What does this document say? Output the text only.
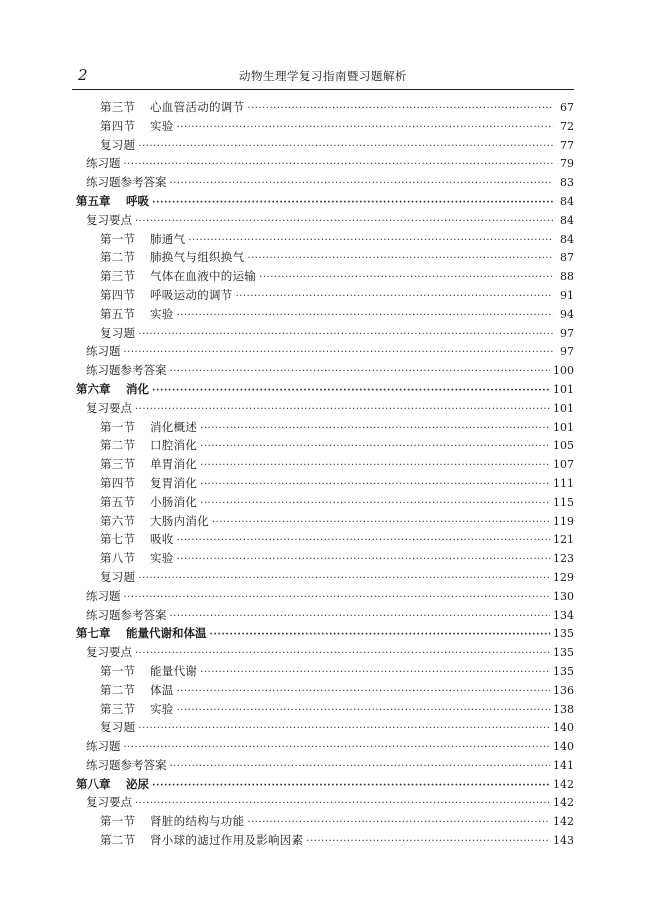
2	动物生理学复习指南暨习题解析
第三节 心血管活动的调节 ·····	67
第四节 实验 ·····	72
复习题 ·····	77
练习题 ·····	79
练习题参考答案 ·····	83
第五章 呼吸 ·····	84
复习要点 ·····	84
第一节 肺通气 ·····	84
第二节 肺换气与组织换气 ·····	87
第三节 气体在血液中的运输 ·····	88
第四节 呼吸运动的调节 ·····	91
第五节 实验 ·····	94
复习题 ·····	97
练习题 ·····	97
练习题参考答案 ·····	100
第六章 消化 ·····	101
复习要点 ·····	101
第一节 消化概述 ·····	101
第二节 口腔消化 ·····	105
第三节 单胃消化 ·····	107
第四节 复胃消化 ·····	111
第五节 小肠消化 ·····	115
第六节 大肠内消化 ·····	119
第七节 吸收 ·····	121
第八节 实验 ·····	123
复习题 ·····	129
练习题 ·····	130
练习题参考答案 ·····	134
第七章 能量代谢和体温 ·····	135
复习要点 ·····	135
第一节 能量代谢 ·····	135
第二节 体温 ·····	136
第三节 实验 ·····	138
复习题 ·····	140
练习题 ·····	140
练习题参考答案 ·····	141
第八章 泌尿 ·····	142
复习要点 ·····	142
第一节 肾脏的结构与功能 ·····	142
第二节 肾小球的滤过作用及影响因素 ·····	143
